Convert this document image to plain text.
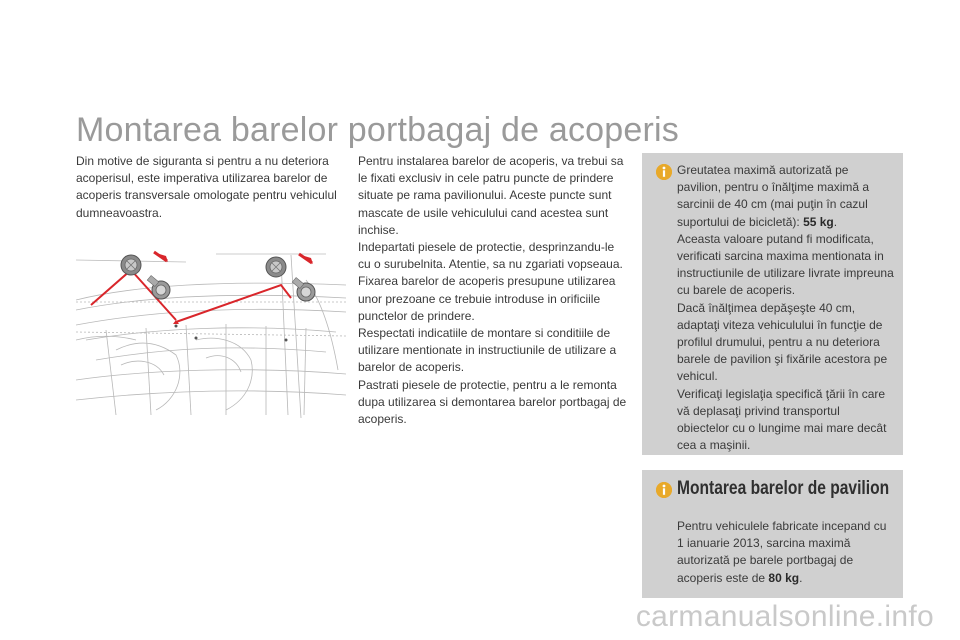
Montarea barelor portbagaj de acoperis

Din motive de siguranta si pentru a nu deteriora acoperisul, este imperativa utilizarea barelor de acoperis transversale omologate pentru vehiculul dumneavoastra.

Pentru instalarea barelor de acoperis, va trebui sa le fixati exclusiv in cele patru puncte de prindere situate pe rama pavilionului. Aceste puncte sunt mascate de usile vehiculului cand acestea sunt inchise.

Indepartati piesele de protectie, desprinzandu-le cu o surubelnita. Atentie, sa nu zgariati vopseaua.

Fixarea barelor de acoperis presupune utilizarea unor prezoane ce trebuie introduse in orificiile punctelor de prindere.

Respectati indicatiile de montare si conditiile de utilizare mentionate in instructiunile de utilizare a barelor de acoperis.

Pastrati piesele de protectie, pentru a le remonta dupa utilizarea si demontarea barelor portbagaj de acoperis.

Greutatea maximă autorizată pe pavilion, pentru o înălţime maximă a sarcinii de 40 cm (mai puţin în cazul suportului de bicicletă): 55 kg.

Aceasta valoare putand fi modificata, verificati sarcina maxima mentionata in instructiunile de utilizare livrate impreuna cu barele de acoperis.

Dacă înălţimea depăşeşte 40 cm, adaptaţi viteza vehiculului în funcţie de profilul drumului, pentru a nu deteriora barele de pavilion şi fixările acestora pe vehicul.

Verificaţi legislaţia specifică ţării în care vă deplasaţi privind transportul obiectelor cu o lungime mai mare decât cea a maşinii.

Montarea barelor de pavilion

Pentru vehiculele fabricate incepand cu 1 ianuarie 2013, sarcina maximă autorizată pe barele portbagaj de acoperis este de 80 kg.

carmanualsonline.info
